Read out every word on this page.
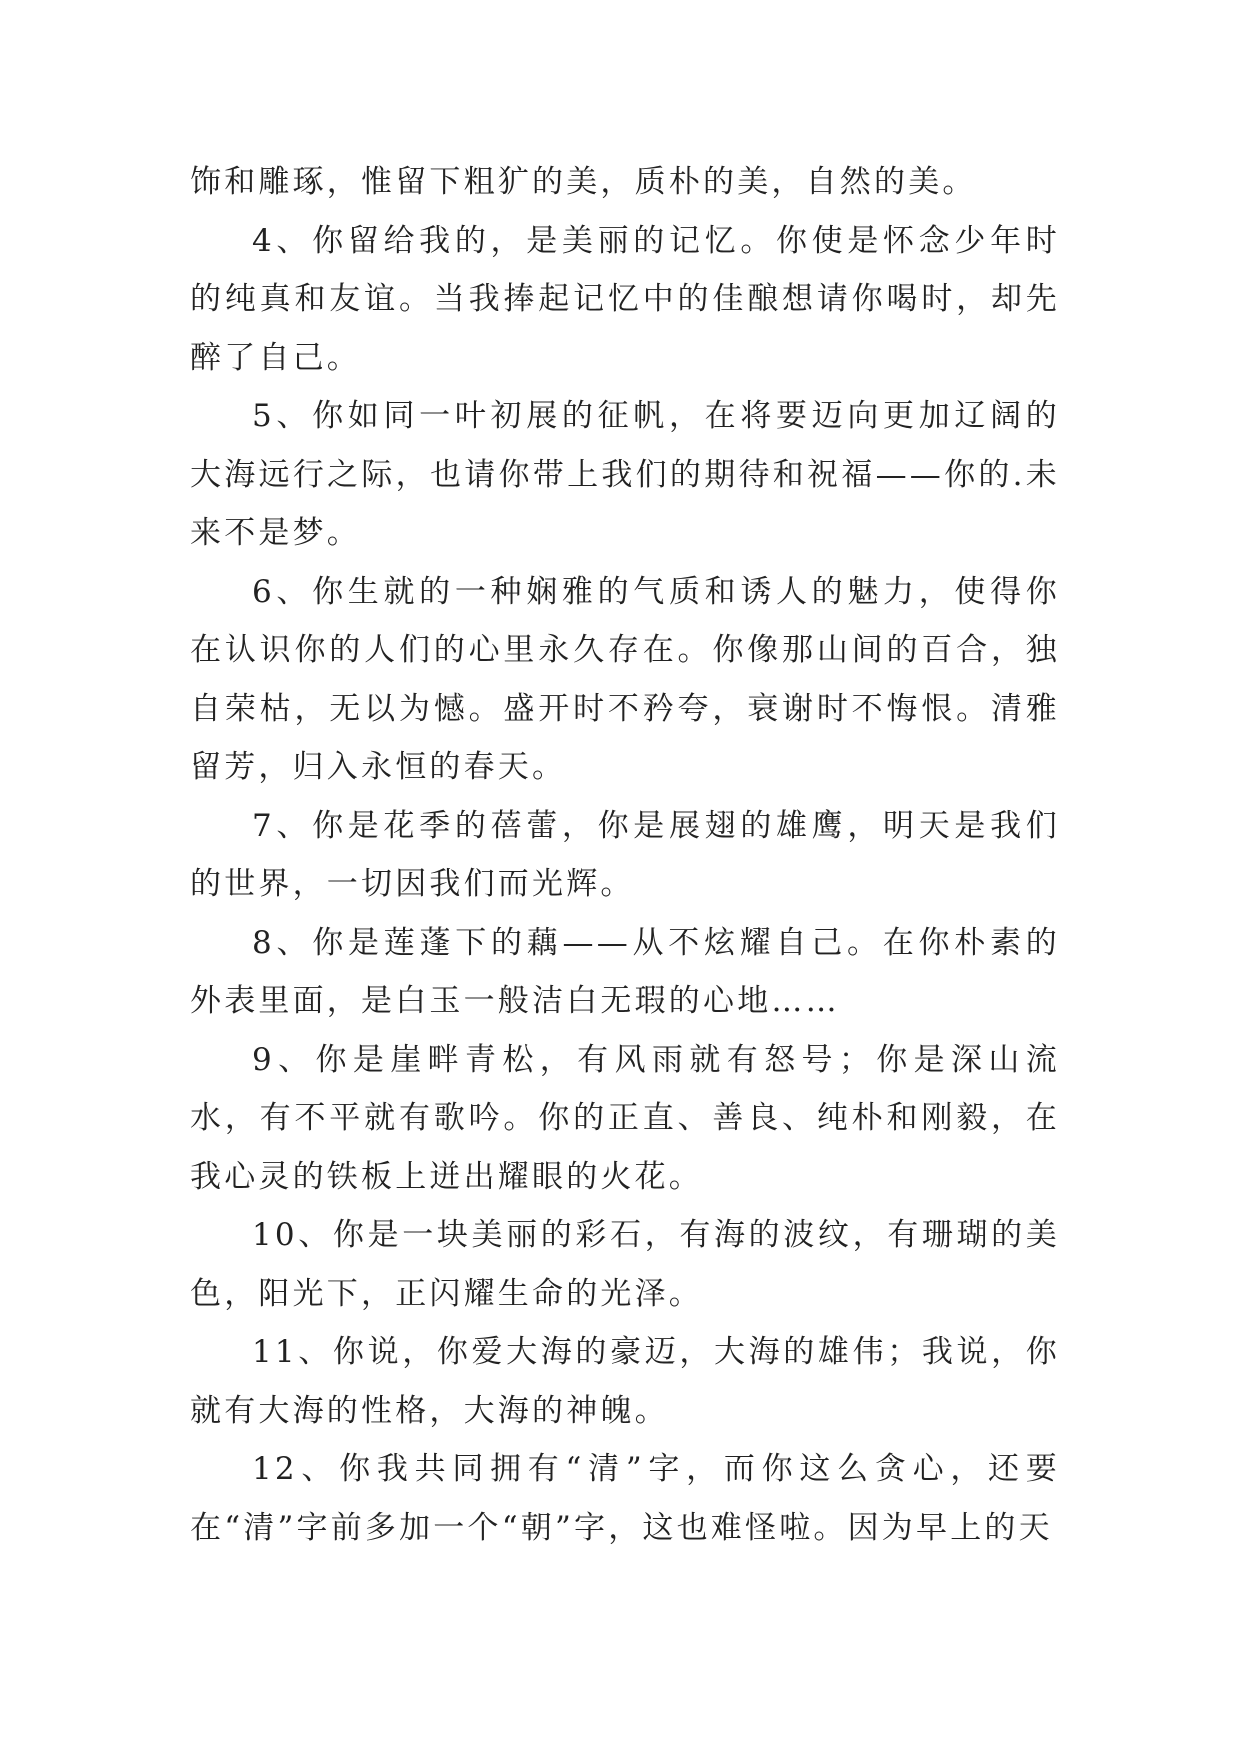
饰和雕琢，惟留下粗犷的美，质朴的美，自然的美。

4、你留给我的，是美丽的记忆。你使是怀念少年时的纯真和友谊。当我捧起记忆中的佳酿想请你喝时，却先醉了自己。

5、你如同一叶初展的征帆，在将要迈向更加辽阔的大海远行之际，也请你带上我们的期待和祝福——你的.未来不是梦。

6、你生就的一种娴雅的气质和诱人的魅力，使得你在认识你的人们的心里永久存在。你像那山间的百合，独自荣枯，无以为憾。盛开时不矜夸，衰谢时不悔恨。清雅留芳，归入永恒的春天。

7、你是花季的蓓蕾，你是展翅的雄鹰，明天是我们的世界，一切因我们而光辉。

8、你是莲蓬下的藕——从不炫耀自己。在你朴素的外表里面，是白玉一般洁白无瑕的心地……

9、你是崖畔青松，有风雨就有怒号；你是深山流水，有不平就有歌吟。你的正直、善良、纯朴和刚毅，在我心灵的铁板上迸出耀眼的火花。

10、你是一块美丽的彩石，有海的波纹，有珊瑚的美色，阳光下，正闪耀生命的光泽。

11、你说，你爱大海的豪迈，大海的雄伟；我说，你就有大海的性格，大海的神魄。

12、你我共同拥有“清”字，而你这么贪心，还要在“清”字前多加一个“朝”字，这也难怪啦。因为早上的天
